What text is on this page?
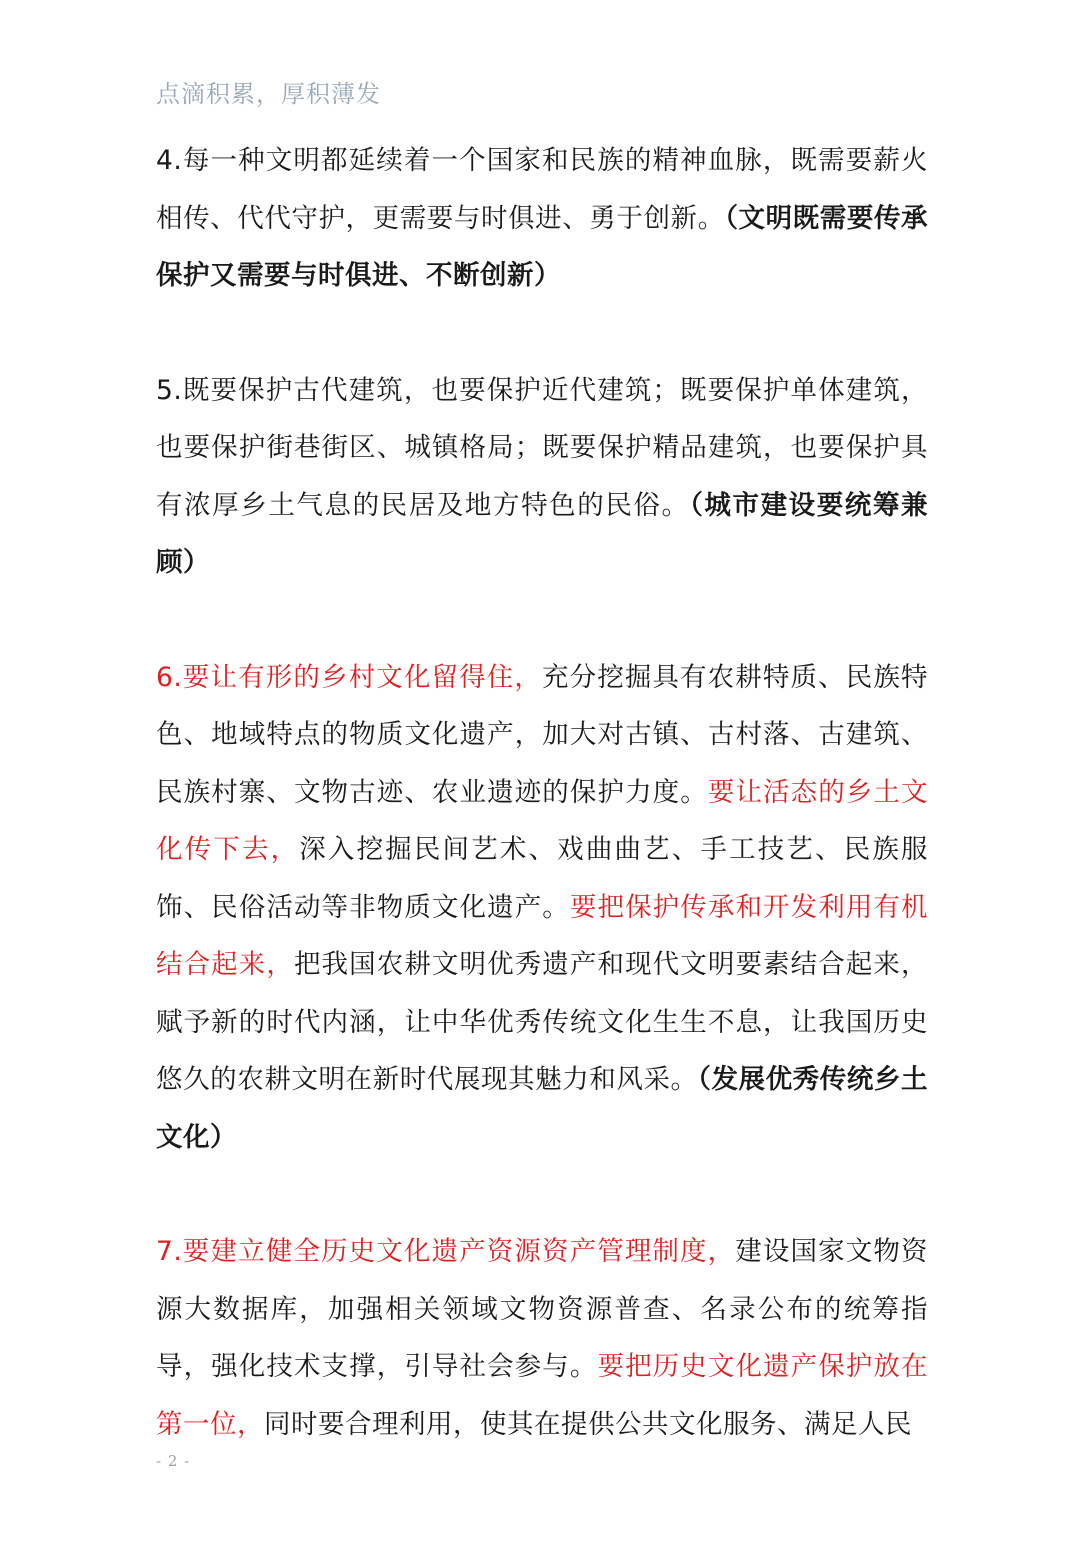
点滴积累，厚积薄发

4.每一种文明都延续着一个国家和民族的精神血脉，既需要薪火相传、代代守护，更需要与时俱进、勇于创新。（文明既需要传承保护又需要与时俱进、不断创新）

5.既要保护古代建筑，也要保护近代建筑；既要保护单体建筑，也要保护街巷街区、城镇格局；既要保护精品建筑，也要保护具有浓厚乡土气息的民居及地方特色的民俗。（城市建设要统筹兼顾）

6.要让有形的乡村文化留得住，充分挖掘具有农耕特质、民族特色、地域特点的物质文化遗产，加大对古镇、古村落、古建筑、民族村寨、文物古迹、农业遗迹的保护力度。要让活态的乡土文化传下去，深入挖掘民间艺术、戏曲曲艺、手工技艺、民族服饰、民俗活动等非物质文化遗产。要把保护传承和开发利用有机结合起来，把我国农耕文明优秀遗产和现代文明要素结合起来，赋予新的时代内涵，让中华优秀传统文化生生不息，让我国历史悠久的农耕文明在新时代展现其魅力和风采。（发展优秀传统乡土文化）

7.要建立健全历史文化遗产资源资产管理制度，建设国家文物资源大数据库，加强相关领域文物资源普查、名录公布的统筹指导，强化技术支撑，引导社会参与。要把历史文化遗产保护放在第一位，同时要合理利用，使其在提供公共文化服务、满足人民

- 2 -
